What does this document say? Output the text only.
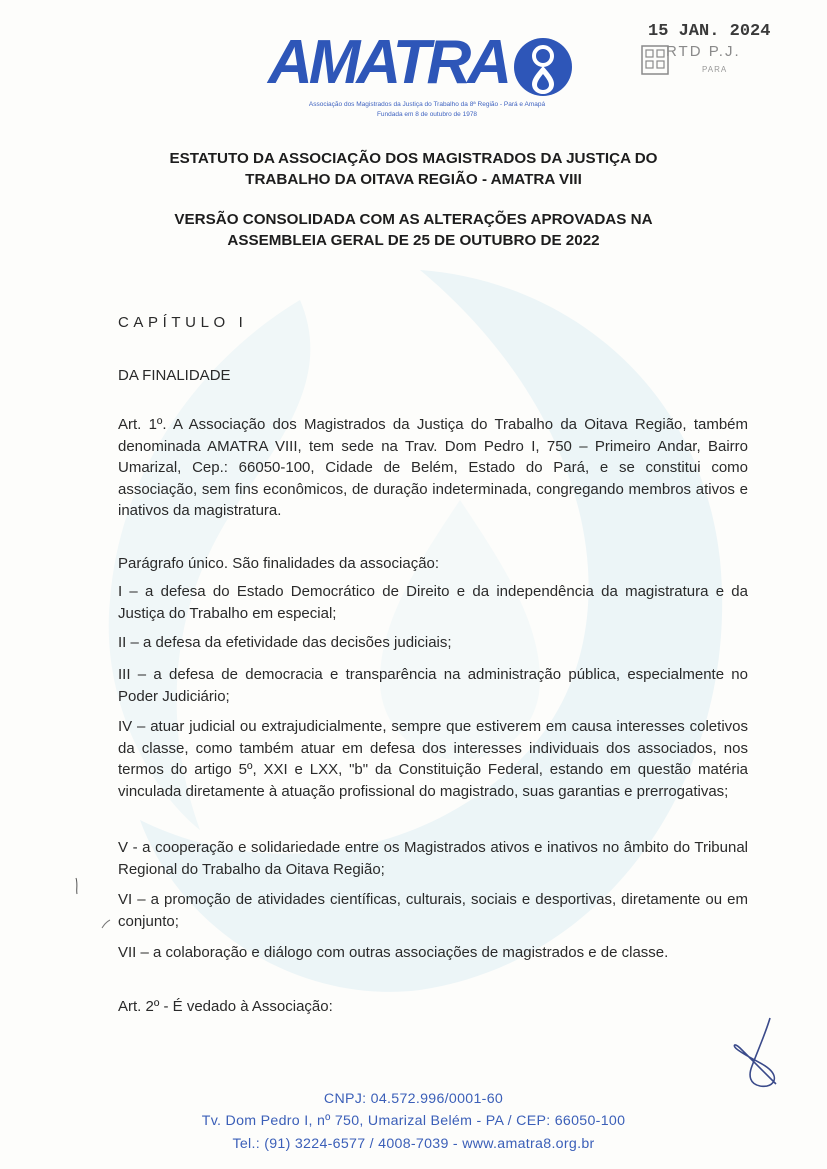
AMATRA
Associação dos Magistrados da Justiça do Trabalho da 8ª Região - Pará e Amapá
Fundada em 8 de outubro de 1978
15 JAN. 2024
RTD P.J.
PARA
ESTATUTO DA ASSOCIAÇÃO DOS MAGISTRADOS DA JUSTIÇA DO
TRABALHO DA OITAVA REGIÃO - AMATRA VIII
VERSÃO CONSOLIDADA COM AS ALTERAÇÕES APROVADAS NA
ASSEMBLEIA GERAL DE 25 DE OUTUBRO DE 2022
CAPÍTULO I
DA FINALIDADE

Art. 1º. A Associação dos Magistrados da Justiça do Trabalho da Oitava Região, também denominada AMATRA VIII, tem sede na Trav. Dom Pedro I, 750 – Primeiro Andar, Bairro Umarizal, Cep.: 66050-100, Cidade de Belém, Estado do Pará, e se constitui como associação, sem fins econômicos, de duração indeterminada, congregando membros ativos e inativos da magistratura.

Parágrafo único. São finalidades da associação:

I – a defesa do Estado Democrático de Direito e da independência da magistratura e da Justiça do Trabalho em especial;

II – a defesa da efetividade das decisões judiciais;

III – a defesa de democracia e transparência na administração pública, especialmente no Poder Judiciário;

IV – atuar judicial ou extrajudicialmente, sempre que estiverem em causa interesses coletivos da classe, como também atuar em defesa dos interesses individuais dos associados, nos termos do artigo 5º, XXI e LXX, "b" da Constituição Federal, estando em questão matéria vinculada diretamente à atuação profissional do magistrado, suas garantias e prerrogativas;

V - a cooperação e solidariedade entre os Magistrados ativos e inativos no âmbito do Tribunal Regional do Trabalho da Oitava Região;

VI – a promoção de atividades científicas, culturais, sociais e desportivas, diretamente ou em conjunto;

VII – a colaboração e diálogo com outras associações de magistrados e de classe.

Art. 2º - É vedado à Associação:

CNPJ: 04.572.996/0001-60
Tv. Dom Pedro I, nº 750, Umarizal Belém - PA / CEP: 66050-100
Tel.: (91) 3224-6577 / 4008-7039 - www.amatra8.org.br
